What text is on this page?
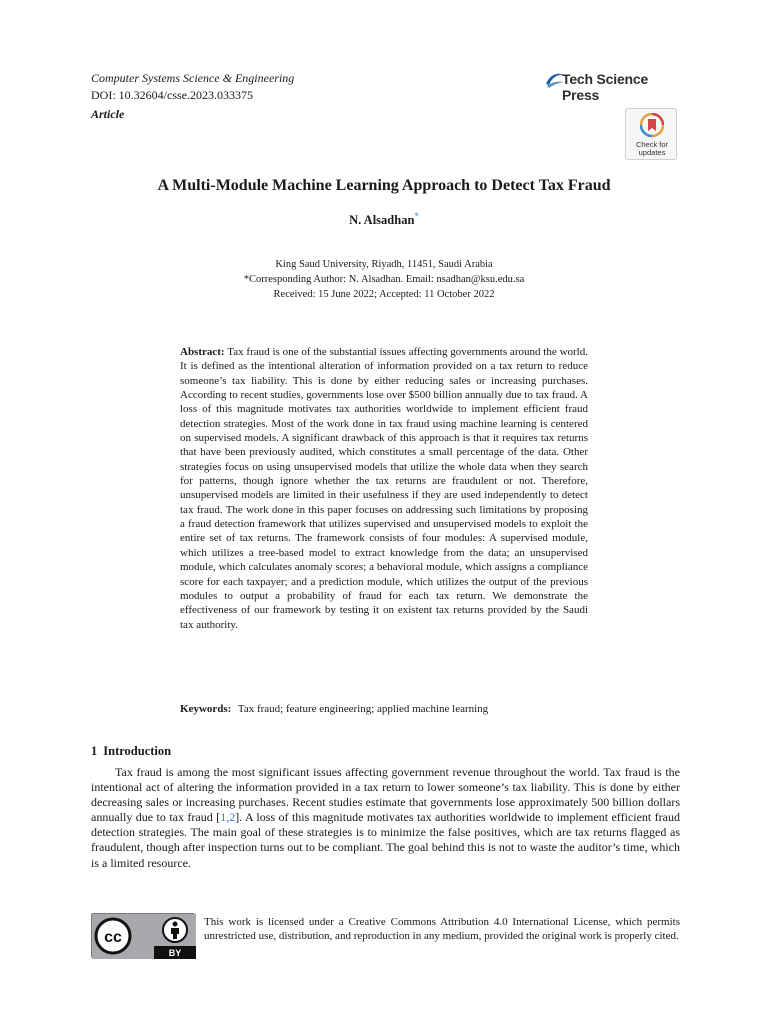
Computer Systems Science & Engineering
DOI: 10.32604/csse.2023.033375
Article
Tech Science Press
Check for
updates
A Multi-Module Machine Learning Approach to Detect Tax Fraud
N. Alsadhan*
King Saud University, Riyadh, 11451, Saudi Arabia
*Corresponding Author: N. Alsadhan. Email: nsadhan@ksu.edu.sa
Received: 15 June 2022; Accepted: 11 October 2022
Abstract: Tax fraud is one of the substantial issues affecting governments around the world. It is defined as the intentional alteration of information provided on a tax return to reduce someone’s tax liability. This is done by either reducing sales or increasing purchases. According to recent studies, governments lose over $500 billion annually due to tax fraud. A loss of this magnitude motivates tax authorities worldwide to implement efficient fraud detection strategies. Most of the work done in tax fraud using machine learning is centered on supervised models. A significant drawback of this approach is that it requires tax returns that have been previously audited, which constitutes a small percentage of the data. Other strategies focus on using unsupervised models that utilize the whole data when they search for patterns, though ignore whether the tax returns are fraudulent or not. Therefore, unsupervised models are limited in their usefulness if they are used independently to detect tax fraud. The work done in this paper focuses on addressing such limitations by proposing a fraud detection framework that utilizes supervised and unsupervised models to exploit the entire set of tax returns. The framework consists of four modules: A supervised module, which utilizes a tree-based model to extract knowledge from the data; an unsupervised module, which calculates anomaly scores; a behavioral module, which assigns a compliance score for each taxpayer; and a prediction module, which utilizes the output of the previous modules to output a probability of fraud for each tax return. We demonstrate the effectiveness of our framework by testing it on existent tax returns provided by the Saudi tax authority.
Keywords: Tax fraud; feature engineering; applied machine learning
1 Introduction
Tax fraud is among the most significant issues affecting government revenue throughout the world. Tax fraud is the intentional act of altering the information provided in a tax return to lower someone’s tax liability. This is done by either decreasing sales or increasing purchases. Recent studies estimate that governments lose approximately 500 billion dollars annually due to tax fraud [1,2]. A loss of this magnitude motivates tax authorities worldwide to implement efficient fraud detection strategies. The main goal of these strategies is to minimize the false positives, which are tax returns flagged as fraudulent, though after inspection turns out to be compliant. The goal behind this is not to waste the auditor’s time, which is a limited resource.
cc
BY
This work is licensed under a Creative Commons Attribution 4.0 International License, which permits unrestricted use, distribution, and reproduction in any medium, provided the original work is properly cited.
